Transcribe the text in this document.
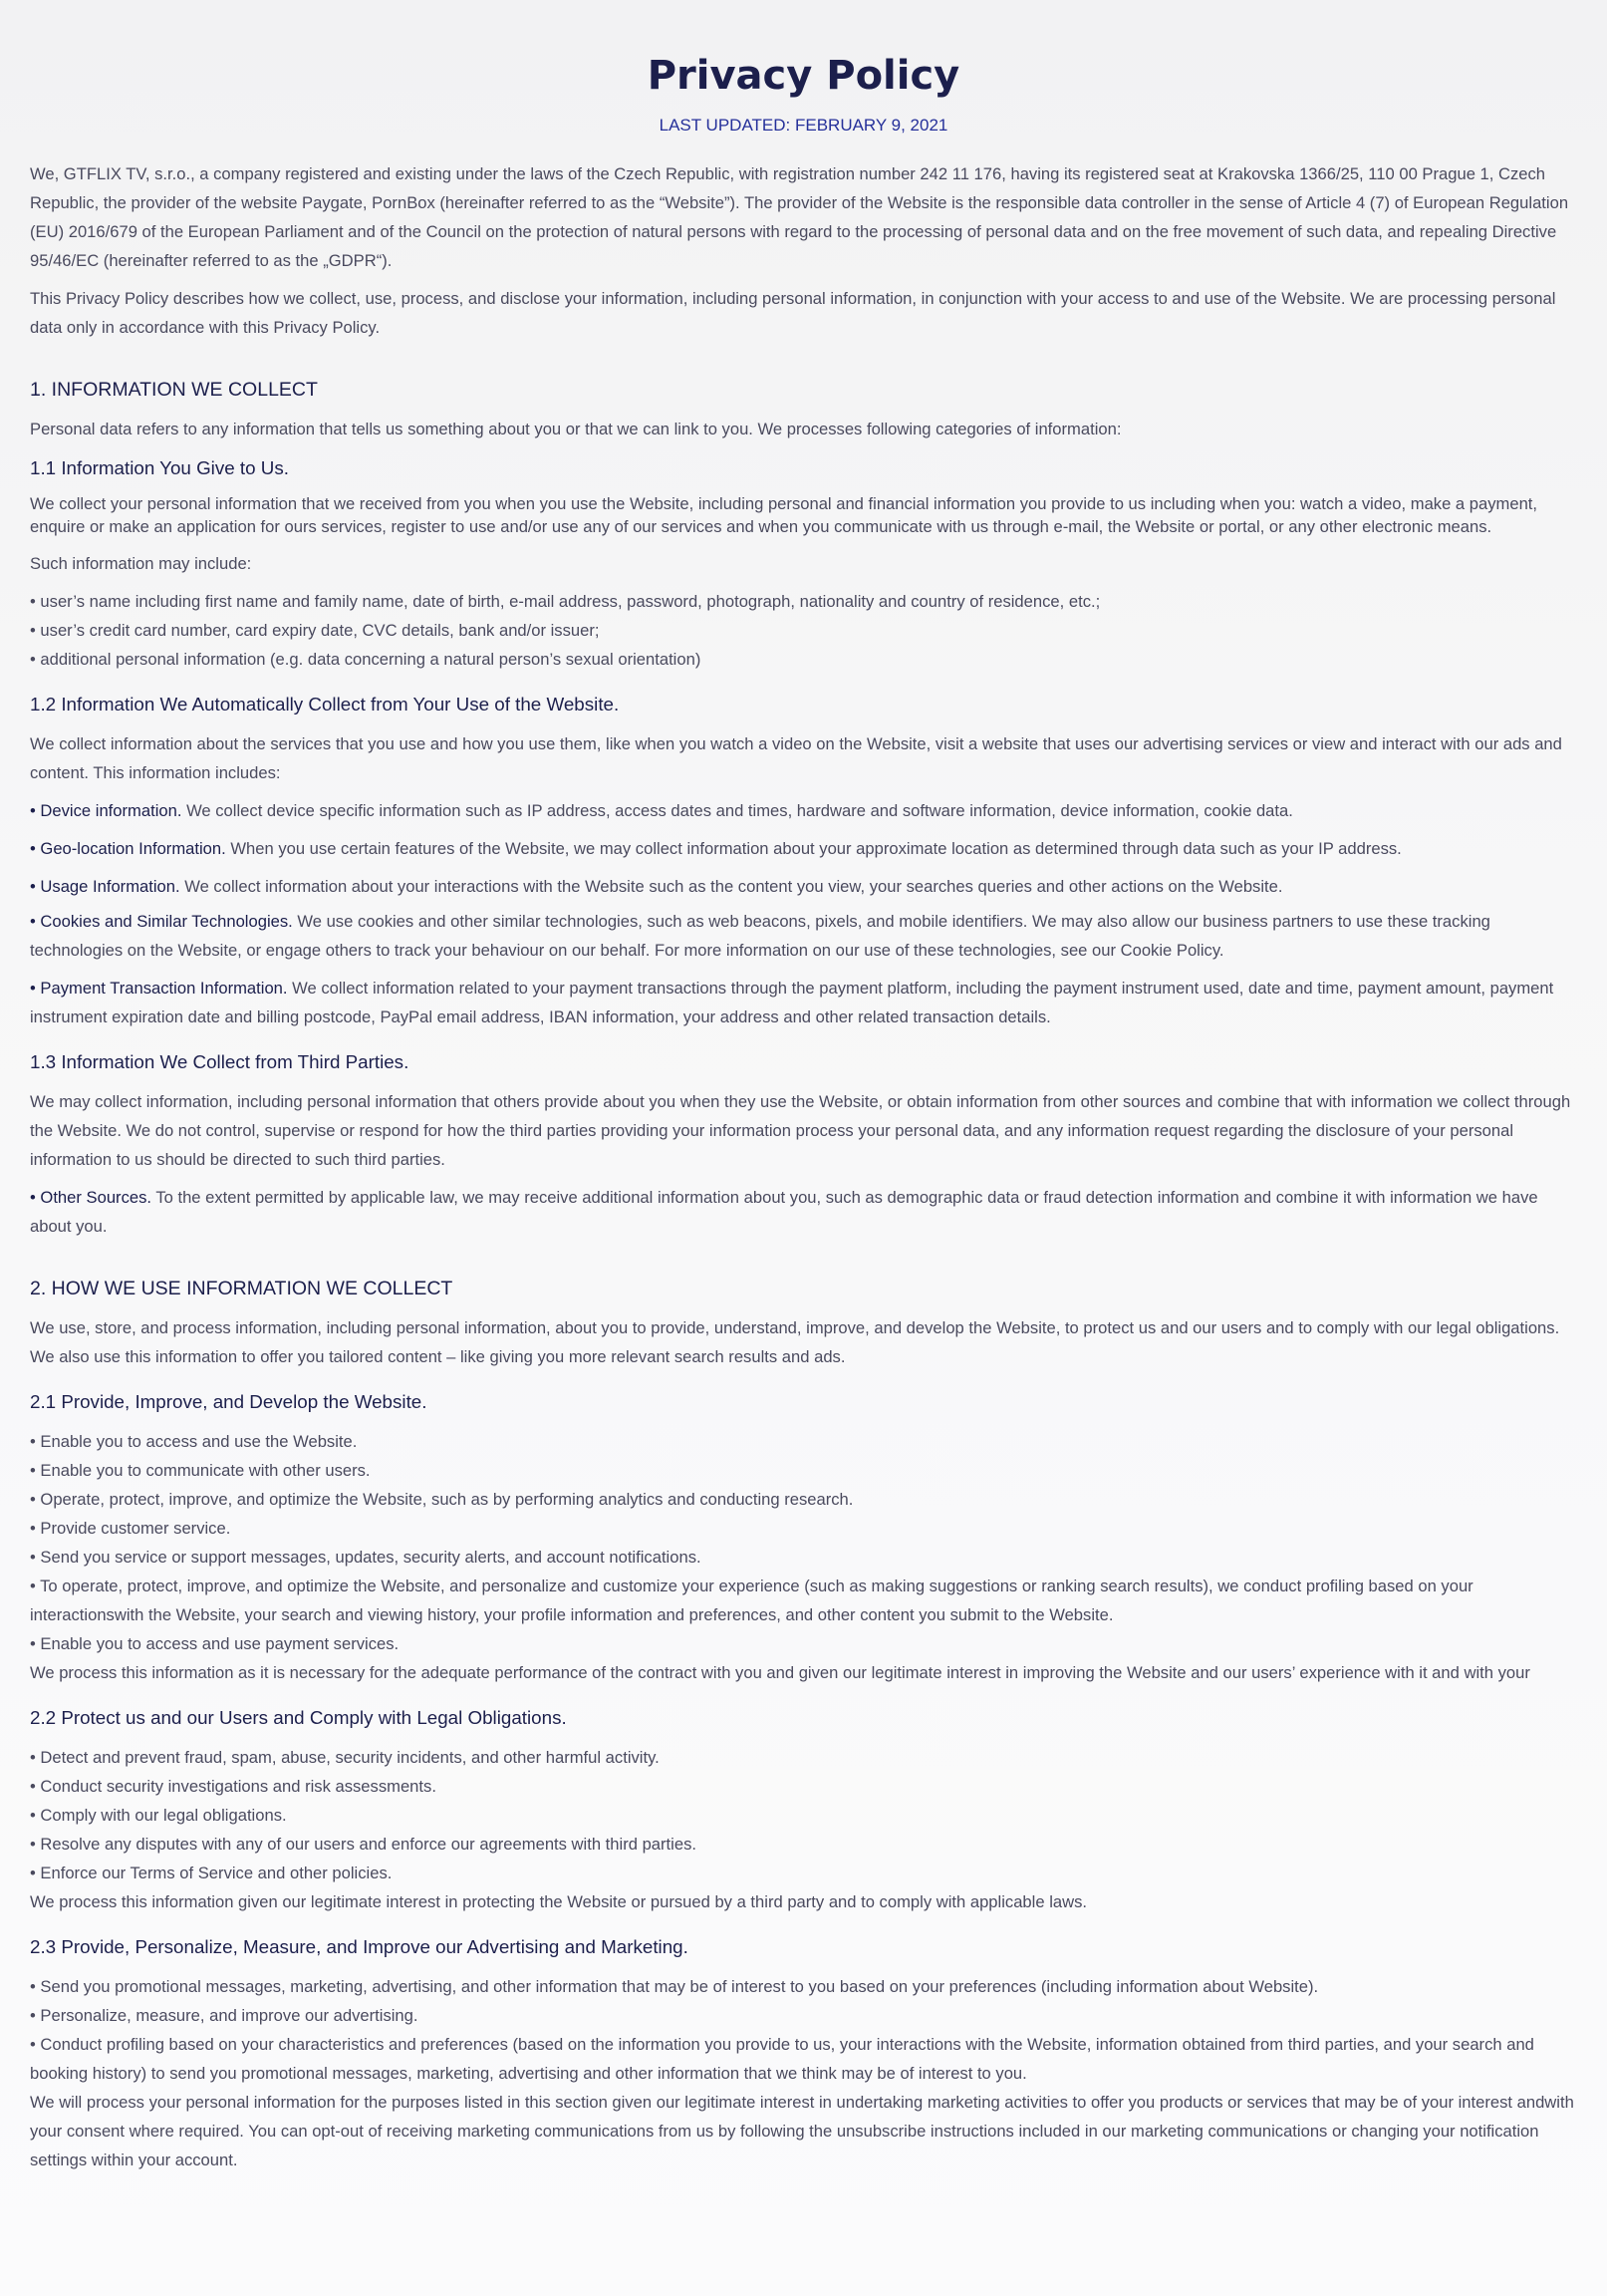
Privacy Policy
LAST UPDATED: FEBRUARY 9, 2021

We, GTFLIX TV, s.r.o., a company registered and existing under the laws of the Czech Republic, with registration number 242 11 176, having its registered seat at Krakovska 1366/25, 110 00 Prague 1, Czech Republic, the provider of the website Paygate, PornBox (hereinafter referred to as the “Website”). The provider of the Website is the responsible data controller in the sense of Article 4 (7) of European Regulation (EU) 2016/679 of the European Parliament and of the Council on the protection of natural persons with regard to the processing of personal data and on the free movement of such data, and repealing Directive 95/46/EC (hereinafter referred to as the „GDPR“).

This Privacy Policy describes how we collect, use, process, and disclose your information, including personal information, in conjunction with your access to and use of the Website. We are processing personal data only in accordance with this Privacy Policy.

1. INFORMATION WE COLLECT

Personal data refers to any information that tells us something about you or that we can link to you. We processes following categories of information:

1.1 Information You Give to Us.

We collect your personal information that we received from you when you use the Website, including personal and financial information you provide to us including when you: watch a video, make a payment, enquire or make an application for ours services, register to use and/or use any of our services and when you communicate with us through e-mail, the Website or portal, or any other electronic means.

Such information may include:

• user’s name including first name and family name, date of birth, e-mail address, password, photograph, nationality and country of residence, etc.;

• user’s credit card number, card expiry date, CVC details, bank and/or issuer;

• additional personal information (e.g. data concerning a natural person’s sexual orientation)

1.2 Information We Automatically Collect from Your Use of the Website.

We collect information about the services that you use and how you use them, like when you watch a video on the Website, visit a website that uses our advertising services or view and interact with our ads and content. This information includes:

• Device information. We collect device specific information such as IP address, access dates and times, hardware and software information, device information, cookie data.

• Geo-location Information. When you use certain features of the Website, we may collect information about your approximate location as determined through data such as your IP address.

• Usage Information. We collect information about your interactions with the Website such as the content you view, your searches queries and other actions on the Website.

• Cookies and Similar Technologies. We use cookies and other similar technologies, such as web beacons, pixels, and mobile identifiers. We may also allow our business partners to use these tracking technologies on the Website, or engage others to track your behaviour on our behalf. For more information on our use of these technologies, see our Cookie Policy.

• Payment Transaction Information. We collect information related to your payment transactions through the payment platform, including the payment instrument used, date and time, payment amount, payment instrument expiration date and billing postcode, PayPal email address, IBAN information, your address and other related transaction details.

1.3 Information We Collect from Third Parties.

We may collect information, including personal information that others provide about you when they use the Website, or obtain information from other sources and combine that with information we collect through the Website. We do not control, supervise or respond for how the third parties providing your information process your personal data, and any information request regarding the disclosure of your personal information to us should be directed to such third parties.

• Other Sources. To the extent permitted by applicable law, we may receive additional information about you, such as demographic data or fraud detection information and combine it with information we have about you.

2. HOW WE USE INFORMATION WE COLLECT

We use, store, and process information, including personal information, about you to provide, understand, improve, and develop the Website, to protect us and our users and to comply with our legal obligations. We also use this information to offer you tailored content – like giving you more relevant search results and ads.

2.1 Provide, Improve, and Develop the Website.

• Enable you to access and use the Website.

• Enable you to communicate with other users.

• Operate, protect, improve, and optimize the Website, such as by performing analytics and conducting research.

• Provide customer service.

• Send you service or support messages, updates, security alerts, and account notifications.

• To operate, protect, improve, and optimize the Website, and personalize and customize your experience (such as making suggestions or ranking search results), we conduct profiling based on your interactionswith the Website, your search and viewing history, your profile information and preferences, and other content you submit to the Website.

• Enable you to access and use payment services.

We process this information as it is necessary for the adequate performance of the contract with you and given our legitimate interest in improving the Website and our users’ experience with it and with your

2.2 Protect us and our Users and Comply with Legal Obligations.

• Detect and prevent fraud, spam, abuse, security incidents, and other harmful activity.

• Conduct security investigations and risk assessments.

• Comply with our legal obligations.

• Resolve any disputes with any of our users and enforce our agreements with third parties.

• Enforce our Terms of Service and other policies.

We process this information given our legitimate interest in protecting the Website or pursued by a third party and to comply with applicable laws.

2.3 Provide, Personalize, Measure, and Improve our Advertising and Marketing.

• Send you promotional messages, marketing, advertising, and other information that may be of interest to you based on your preferences (including information about Website).

• Personalize, measure, and improve our advertising.

• Conduct profiling based on your characteristics and preferences (based on the information you provide to us, your interactions with the Website, information obtained from third parties, and your search and booking history) to send you promotional messages, marketing, advertising and other information that we think may be of interest to you.

We will process your personal information for the purposes listed in this section given our legitimate interest in undertaking marketing activities to offer you products or services that may be of your interest andwith your consent where required. You can opt-out of receiving marketing communications from us by following the unsubscribe instructions included in our marketing communications or changing your notification settings within your account.
